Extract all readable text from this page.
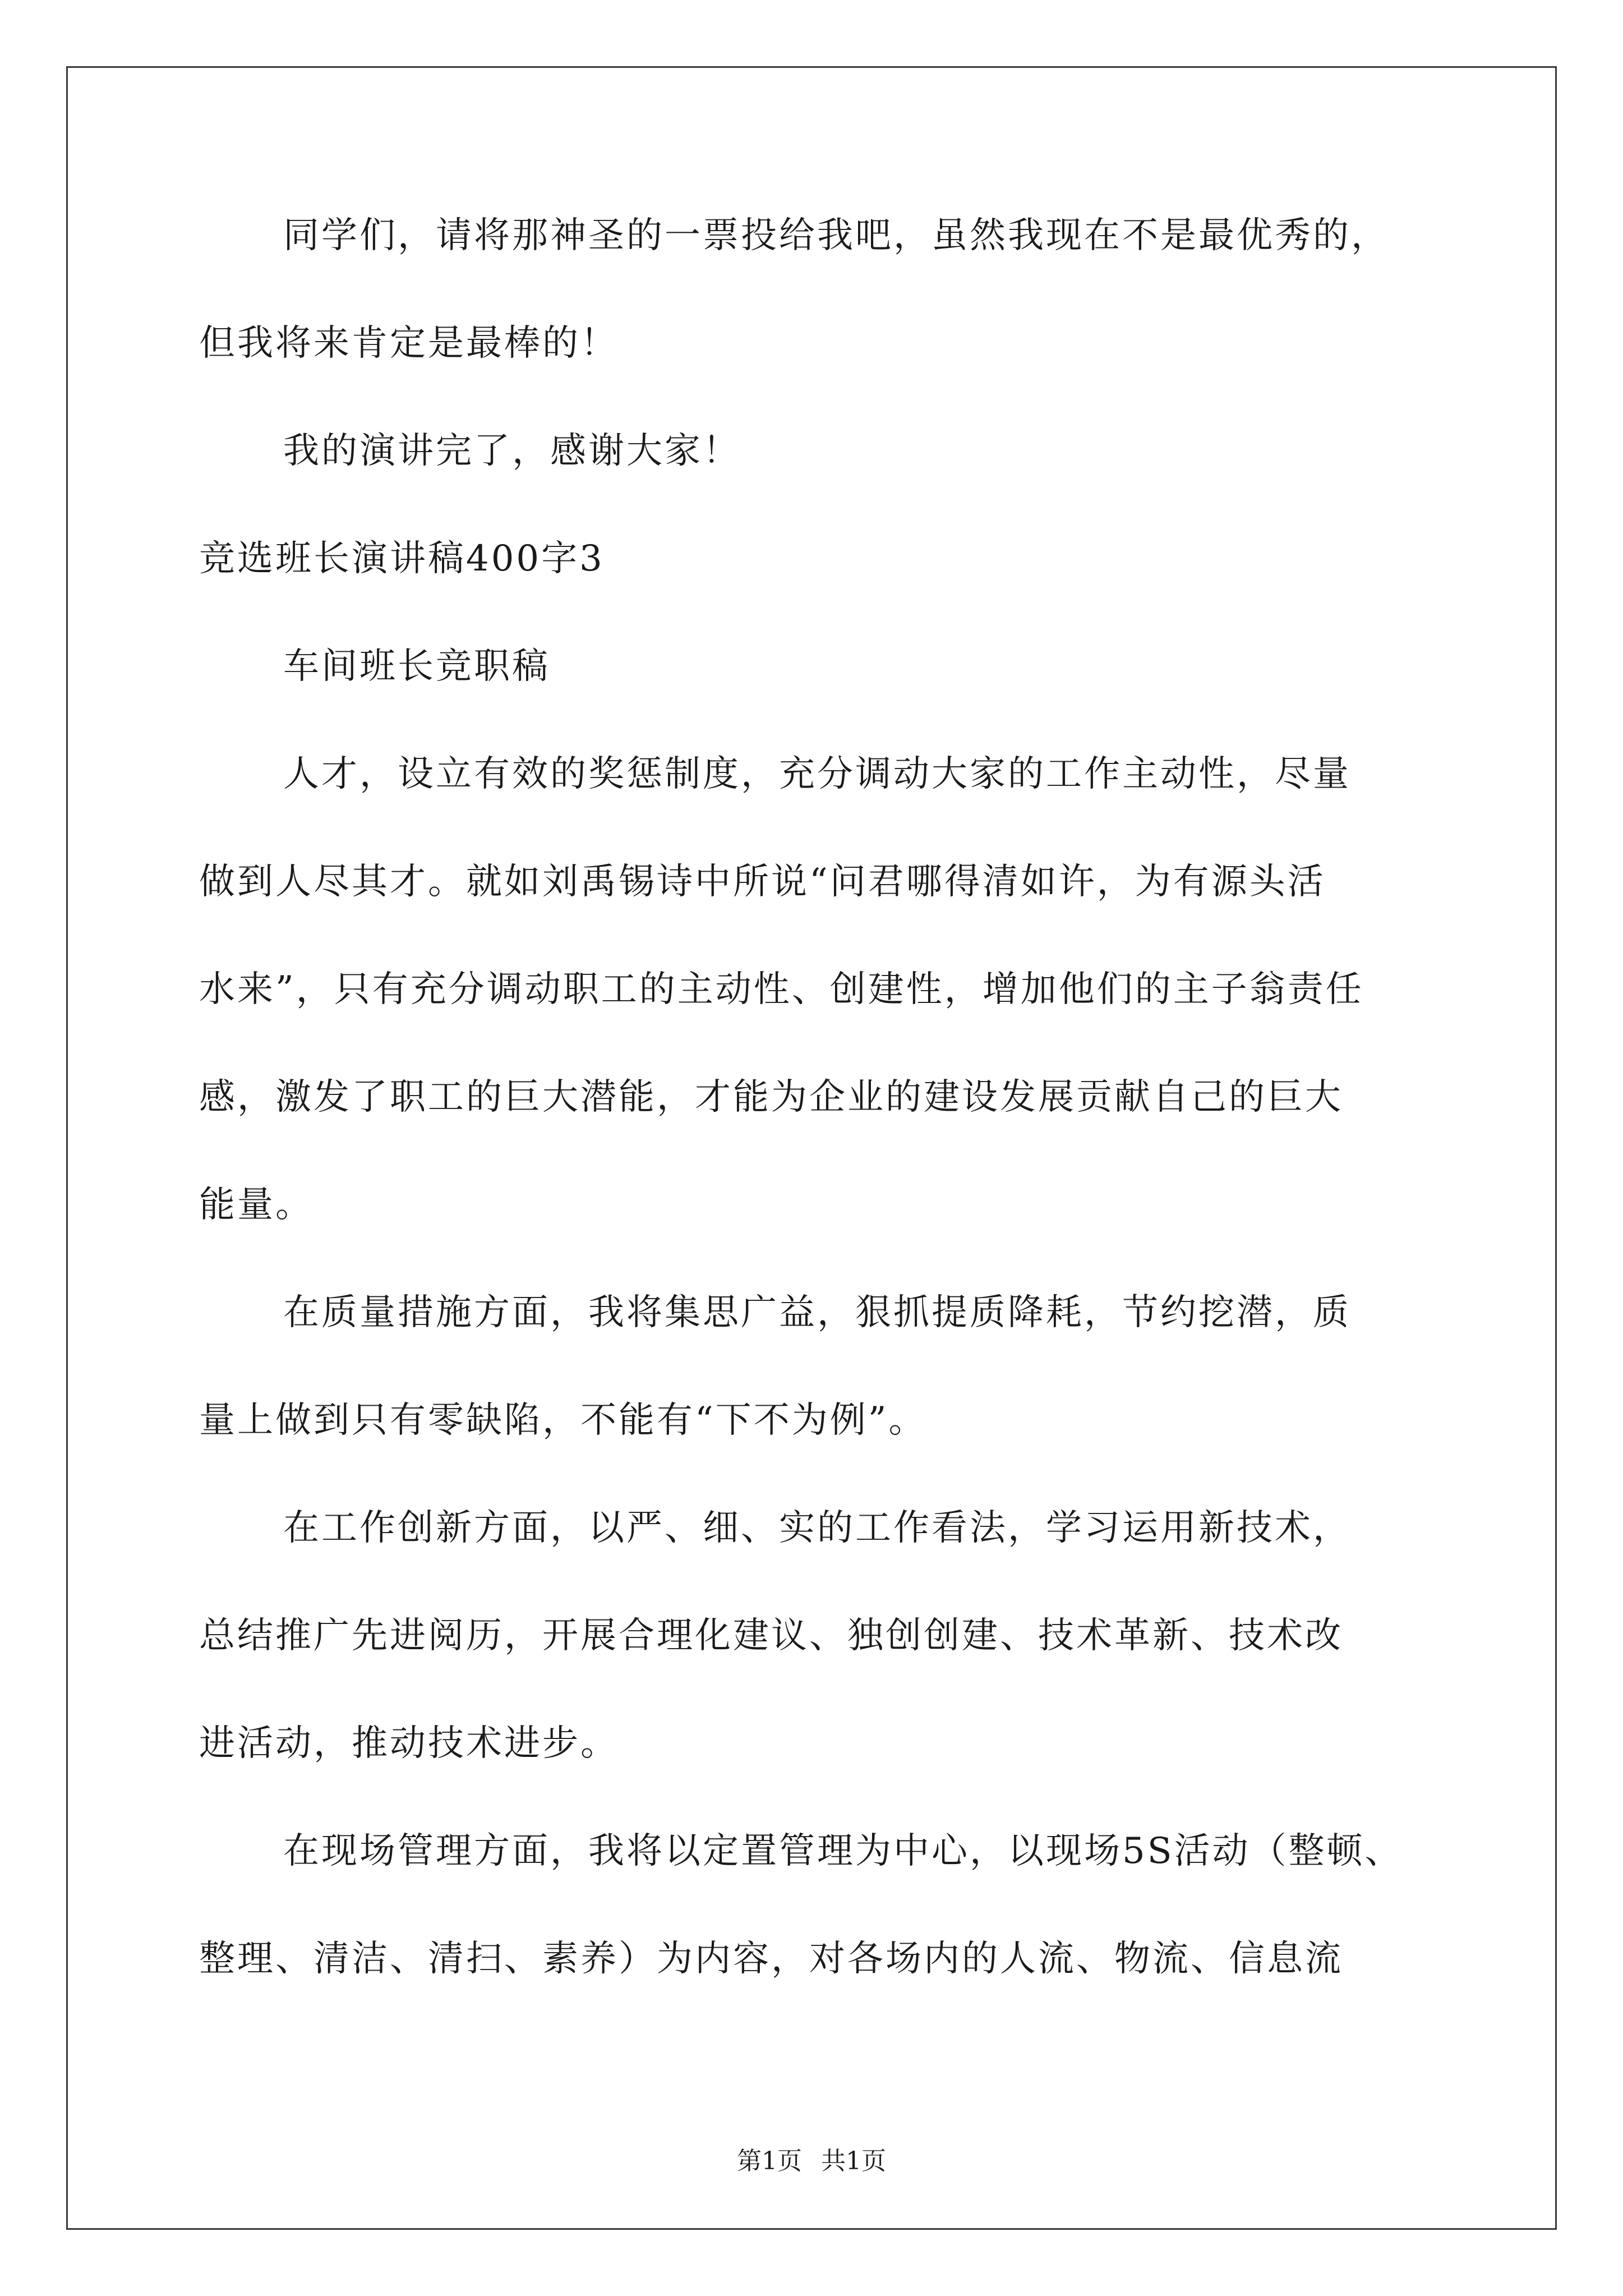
同学们，请将那神圣的一票投给我吧，虽然我现在不是最优秀的，
但我将来肯定是最棒的！
我的演讲完了，感谢大家！
竞选班长演讲稿400字3
车间班长竞职稿
人才，设立有效的奖惩制度，充分调动大家的工作主动性，尽量
做到人尽其才。就如刘禹锡诗中所说“问君哪得清如许，为有源头活
水来”，只有充分调动职工的主动性、创建性，增加他们的主子翁责任
感，激发了职工的巨大潜能，才能为企业的建设发展贡献自己的巨大
能量。
在质量措施方面，我将集思广益，狠抓提质降耗，节约挖潜，质
量上做到只有零缺陷，不能有“下不为例”。
在工作创新方面，以严、细、实的工作看法，学习运用新技术，
总结推广先进阅历，开展合理化建议、独创创建、技术革新、技术改
进活动，推动技术进步。
在现场管理方面，我将以定置管理为中心，以现场5S活动（整顿、
整理、清洁、清扫、素养）为内容，对各场内的人流、物流、信息流
第1页 共1页
